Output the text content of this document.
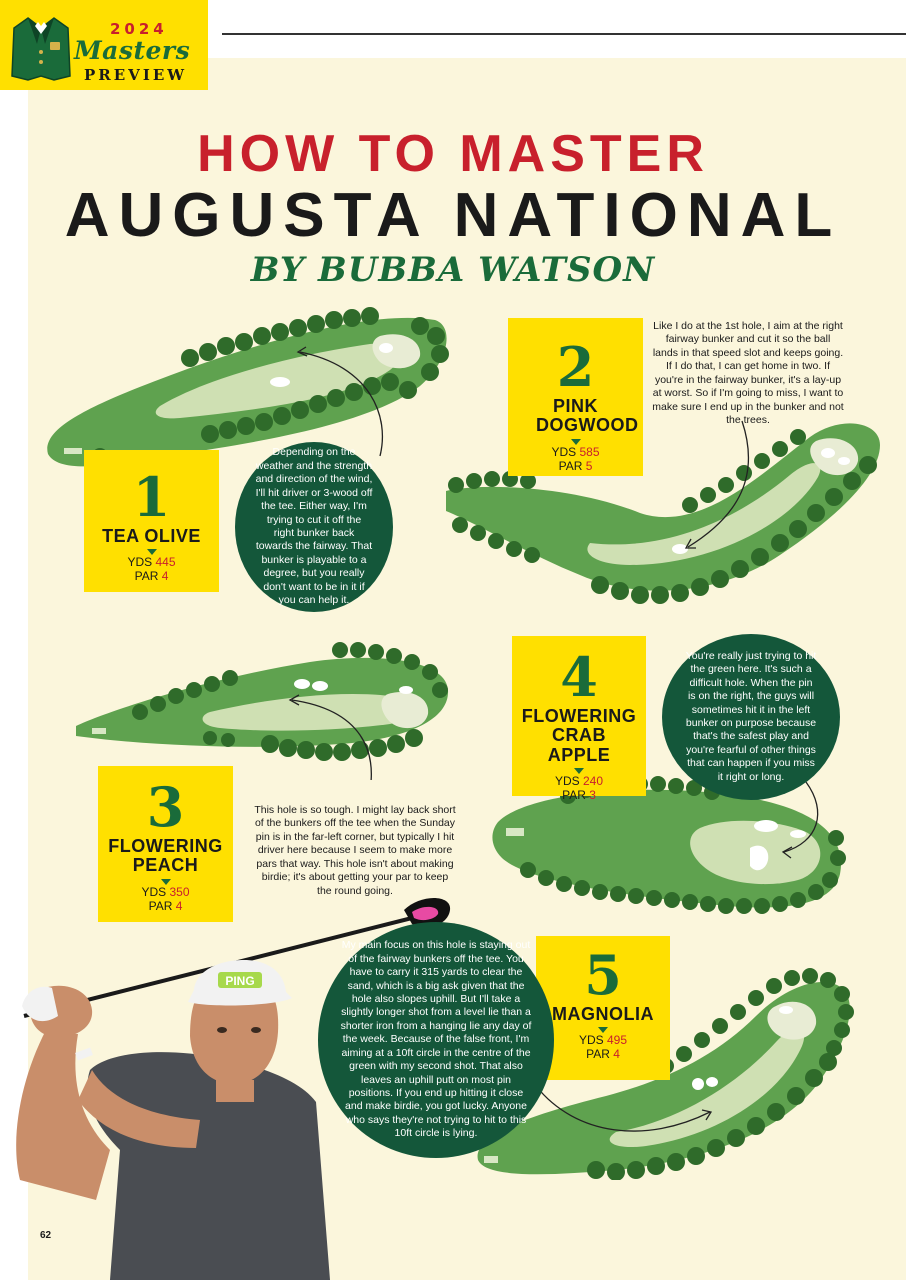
2024
Masters
PREVIEW
HOW TO MASTER
AUGUSTA NATIONAL
BY BUBBA WATSON
PING
1
TEA OLIVE
YDS 445
PAR 4

Depending on the weather and the strength and direction of the wind, I'll hit driver or 3-wood off the tee. Either way, I'm trying to cut it off the right bunker back towards the fairway. That bunker is playable to a degree, but you really don't want to be in it if you can help it.

2
PINK DOGWOOD
YDS 585
PAR 5
Like I do at the 1st hole, I aim at the right fairway bunker and cut it so the ball lands in that speed slot and keeps going. If I do that, I can get home in two. If you're in the fairway bunker, it's a lay-up at worst. So if I'm going to miss, I want to make sure I end up in the bunker and not the trees.
3
FLOWERING PEACH
YDS 350
PAR 4
This hole is so tough. I might lay back short of the bunkers off the tee when the Sunday pin is in the far-left corner, but typically I hit driver here because I seem to make more pars that way. This hole isn't about making birdie; it's about getting your par to keep the round going.
4
FLOWERING CRAB APPLE
YDS 240
PAR 3

You're really just trying to hit the green here. It's such a difficult hole. When the pin is on the right, the guys will sometimes hit it in the left bunker on purpose because that's the safest play and you're fearful of other things that can happen if you miss it right or long.

5
MAGNOLIA
YDS 495
PAR 4

My main focus on this hole is staying out of the fairway bunkers off the tee. You have to carry it 315 yards to clear the sand, which is a big ask given that the hole also slopes uphill. But I'll take a slightly longer shot from a level lie than a shorter iron from a hanging lie any day of the week. Because of the false front, I'm aiming at a 10ft circle in the centre of the green with my second shot. That also leaves an uphill putt on most pin positions. If you end up hitting it close and make birdie, you got lucky. Anyone who says they're not trying to hit to this 10ft circle is lying.

62
